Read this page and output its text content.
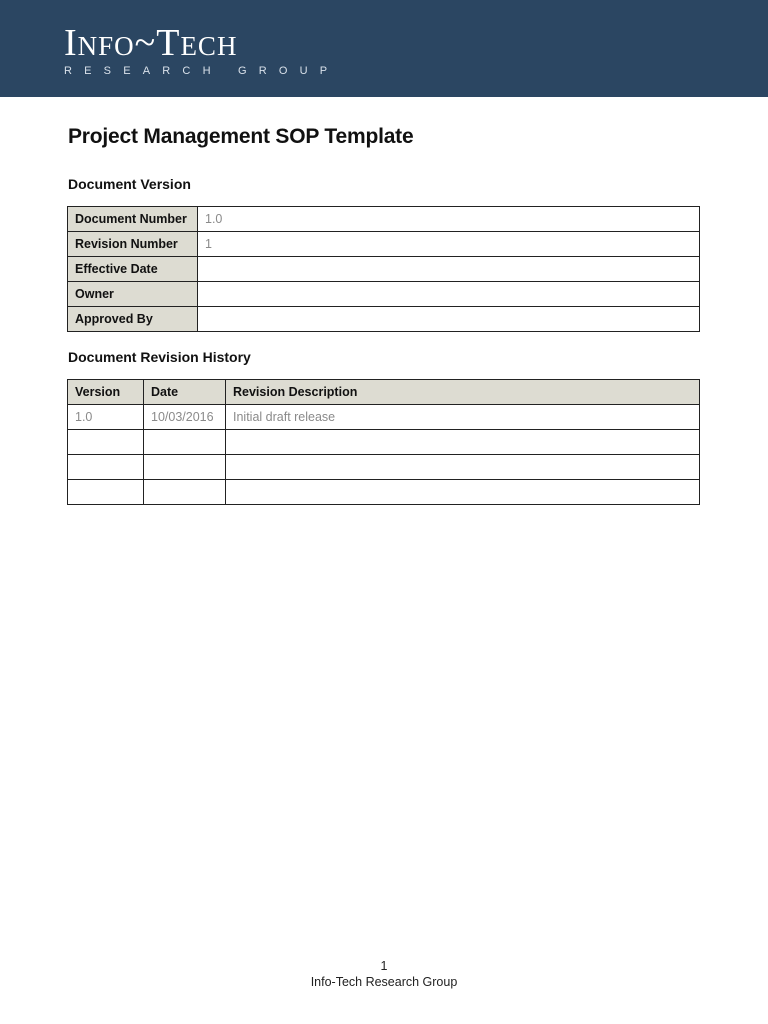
Info~Tech
RESEARCH GROUP
Project Management SOP Template
Document Version
Document Number	1.0
Revision Number	1
Effective Date	
Owner	
Approved By	
Document Revision History
Version	Date	Revision Description
1.0	10/03/2016	Initial draft release

1
Info-Tech Research Group
